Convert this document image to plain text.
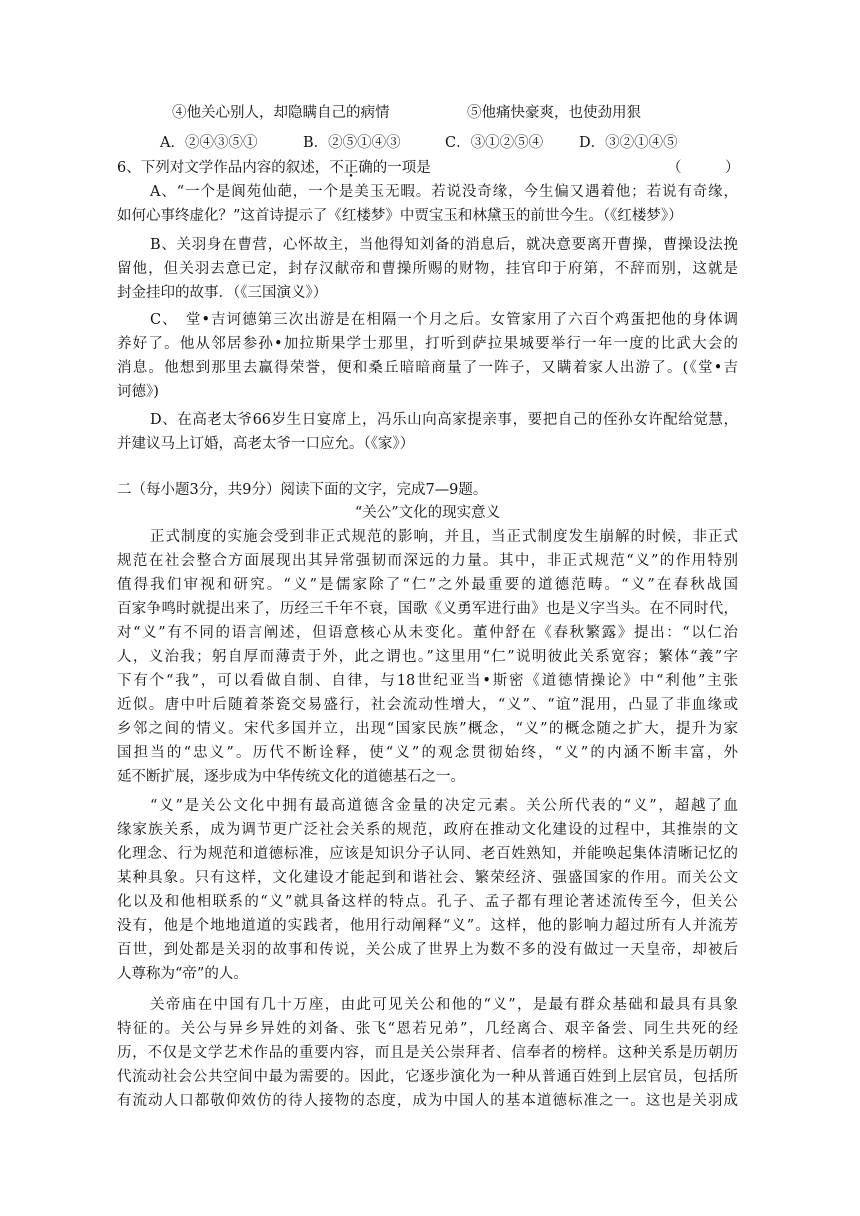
④他关心别人，却隐瞒自己的病情	⑤他痛快豪爽，也使劲用狠
A．②④③⑤①	B．②⑤①④③	C．③①②⑤④ D．③②①④⑤
6、下列对文学作品内容的叙述，不正确的一项是	（　　　）
A、“一个是阆苑仙葩，一个是美玉无暇。若说没奇缘，今生偏又遇着他；若说有奇缘，
如何心事终虚化？”这首诗提示了《红楼梦》中贾宝玉和林黛玉的前世今生。（《红楼梦》）
B、关羽身在曹营，心怀故主，当他得知刘备的消息后，就决意要离开曹操，曹操设法挽
留他，但关羽去意已定，封存汉献帝和曹操所赐的财物，挂官印于府第，不辞而别，这就是
封金挂印的故事．（《三国演义》）
C、　堂•吉诃德第三次出游是在相隔一个月之后。女管家用了六百个鸡蛋把他的身体调
养好了。他从邻居参孙•加拉斯果学士那里，打听到萨拉果城要举行一年一度的比武大会的
消息。他想到那里去赢得荣誉，便和桑丘暗暗商量了一阵子，又瞒着家人出游了。(《堂•吉
诃德》)
D、在高老太爷66岁生日宴席上，冯乐山向高家提亲事，要把自己的侄孙女许配给觉慧，
并建议马上订婚，高老太爷一口应允。（《家》）
二（每小题3分，共9分）阅读下面的文字，完成7—9题。
“关公”文化的现实意义
正式制度的实施会受到非正式规范的影响，并且，当正式制度发生崩解的时候，非正式
规范在社会整合方面展现出其异常强韧而深远的力量。其中，非正式规范“义”的作用特别
值得我们审视和研究。“义”是儒家除了“仁”之外最重要的道德范畴。“义”在春秋战国
百家争鸣时就提出来了，历经三千年不衰，国歌《义勇军进行曲》也是义字当头。在不同时代，
对“义”有不同的语言阐述，但语意核心从未变化。董仲舒在《春秋繁露》提出：“以仁治
人，义治我；躬自厚而薄责于外，此之谓也。”这里用“仁”说明彼此关系宽容；繁体“義”字
下有个“我”，可以看做自制、自律，与18世纪亚当•斯密《道德情操论》中“利他”主张
近似。唐中叶后随着茶瓷交易盛行，社会流动性增大，“义”、“谊”混用，凸显了非血缘或
乡邻之间的情义。宋代多国并立，出现“国家民族”概念，“义”的概念随之扩大，提升为家
国担当的“忠义”。历代不断诠释，使“义”的观念贯彻始终，“义”的内涵不断丰富，外
延不断扩展，逐步成为中华传统文化的道德基石之一。
“义”是关公文化中拥有最高道德含金量的决定元素。关公所代表的“义”，超越了血
缘家族关系，成为调节更广泛社会关系的规范，政府在推动文化建设的过程中，其推崇的文
化理念、行为规范和道德标准，应该是知识分子认同、老百姓熟知，并能唤起集体清晰记忆的
某种具象。只有这样，文化建设才能起到和谐社会、繁荣经济、强盛国家的作用。而关公文
化以及和他相联系的“义”就具备这样的特点。孔子、孟子都有理论著述流传至今，但关公
没有，他是个地地道道的实践者，他用行动阐释“义”。这样，他的影响力超过所有人并流芳
百世，到处都是关羽的故事和传说，关公成了世界上为数不多的没有做过一天皇帝，却被后
人尊称为“帝”的人。
关帝庙在中国有几十万座，由此可见关公和他的“义”，是最有群众基础和最具有具象
特征的。关公与异乡异姓的刘备、张飞“恩若兄弟”，几经离合、艰辛备尝、同生共死的经
历，不仅是文学艺术作品的重要内容，而且是关公崇拜者、信奉者的榜样。这种关系是历朝历
代流动社会公共空间中最为需要的。因此，它逐步演化为一种从普通百姓到上层官员，包括所
有流动人口都敬仰效仿的待人接物的态度，成为中国人的基本道德标准之一。这也是关羽成
